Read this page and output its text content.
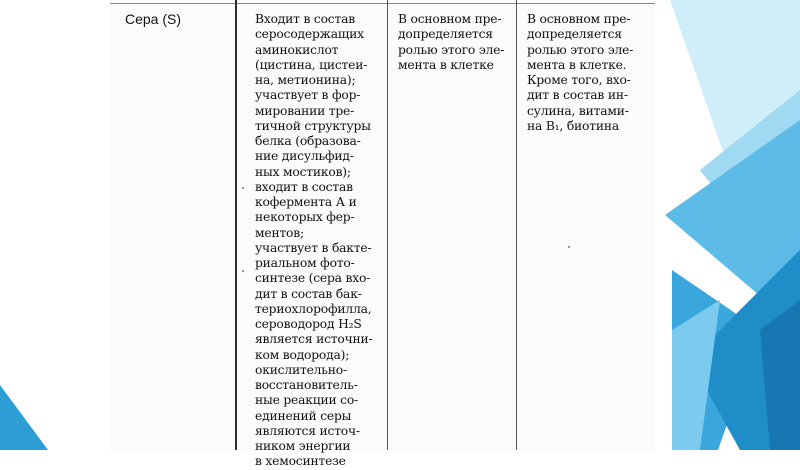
Сера (S)	Входит в состав
серосодержащих
аминокислот
(цистина, цистеи-
на, метионина);
участвует в фор-
мировании тре-
тичной структуры
белка (образова-
ние дисульфид-
ных мостиков);
входит в состав
кофермента А и
некоторых фер-
ментов;
участвует в бакте-
риальном фото-
синтезе (сера вхо-
дит в состав бак-
териохлорофилла,
сероводород H₂S
является источни-
ком водорода);
окислительно-
восстановитель-
ные реакции со-
единений серы
являются источ-
ником энергии
в хемосинтезе
В основном пре-
допределяется
ролью этого эле-
мента в клетке
В основном пре-
допределяется
ролью этого эле-
мента в клетке.
Кроме того, вхо-
дит в состав ин-
сулина, витами-
на B₁, биотина
